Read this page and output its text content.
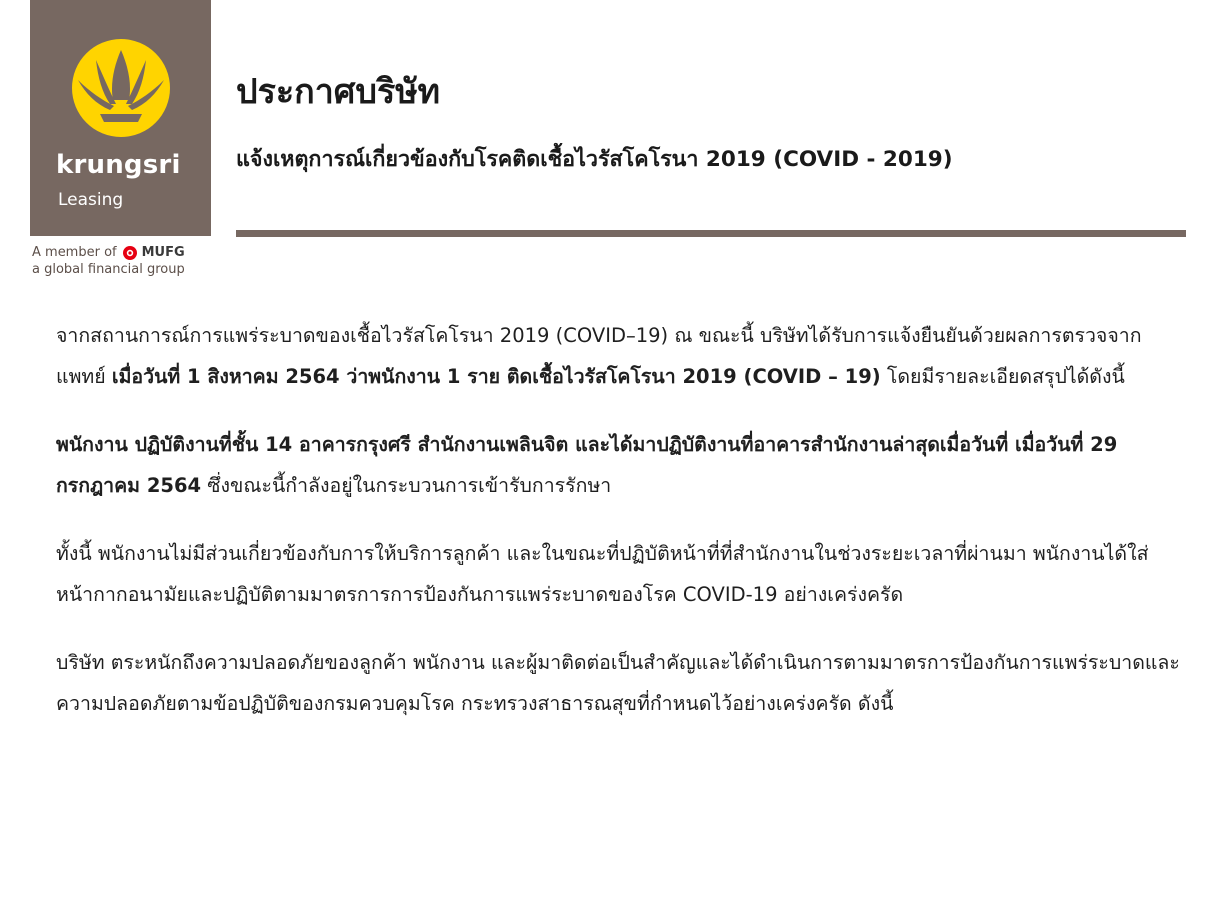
krungsri
Leasing
A member of MUFG
a global financial group
ประกาศบริษัท
แจ้งเหตุการณ์เกี่ยวข้องกับโรคติดเชื้อไวรัสโคโรนา 2019 (COVID - 2019)

จากสถานการณ์การแพร่ระบาดของเชื้อไวรัสโคโรนา 2019 (COVID–19) ณ ขณะนี้ บริษัทได้รับการแจ้งยืนยันด้วยผลการตรวจจากแพทย์ เมื่อวันที่ 1 สิงหาคม 2564 ว่าพนักงาน 1 ราย ติดเชื้อไวรัสโคโรนา 2019 (COVID – 19) โดยมีรายละเอียดสรุปได้ดังนี้

พนักงาน ปฏิบัติงานที่ชั้น 14 อาคารกรุงศรี สำนักงานเพลินจิต และได้มาปฏิบัติงานที่อาคารสำนักงานล่าสุดเมื่อวันที่ เมื่อวันที่ 29 กรกฎาคม 2564 ซึ่งขณะนี้กำลังอยู่ในกระบวนการเข้ารับการรักษา

ทั้งนี้ พนักงานไม่มีส่วนเกี่ยวข้องกับการให้บริการลูกค้า และในขณะที่ปฏิบัติหน้าที่ที่สำนักงานในช่วงระยะเวลาที่ผ่านมา พนักงานได้ใส่หน้ากากอนามัยและปฏิบัติตามมาตรการการป้องกันการแพร่ระบาดของโรค COVID-19 อย่างเคร่งครัด

บริษัท ตระหนักถึงความปลอดภัยของลูกค้า พนักงาน และผู้มาติดต่อเป็นสำคัญและได้ดำเนินการตามมาตรการป้องกันการแพร่ระบาดและความปลอดภัยตามข้อปฏิบัติของกรมควบคุมโรค กระทรวงสาธารณสุขที่กำหนดไว้อย่างเคร่งครัด ดังนี้
